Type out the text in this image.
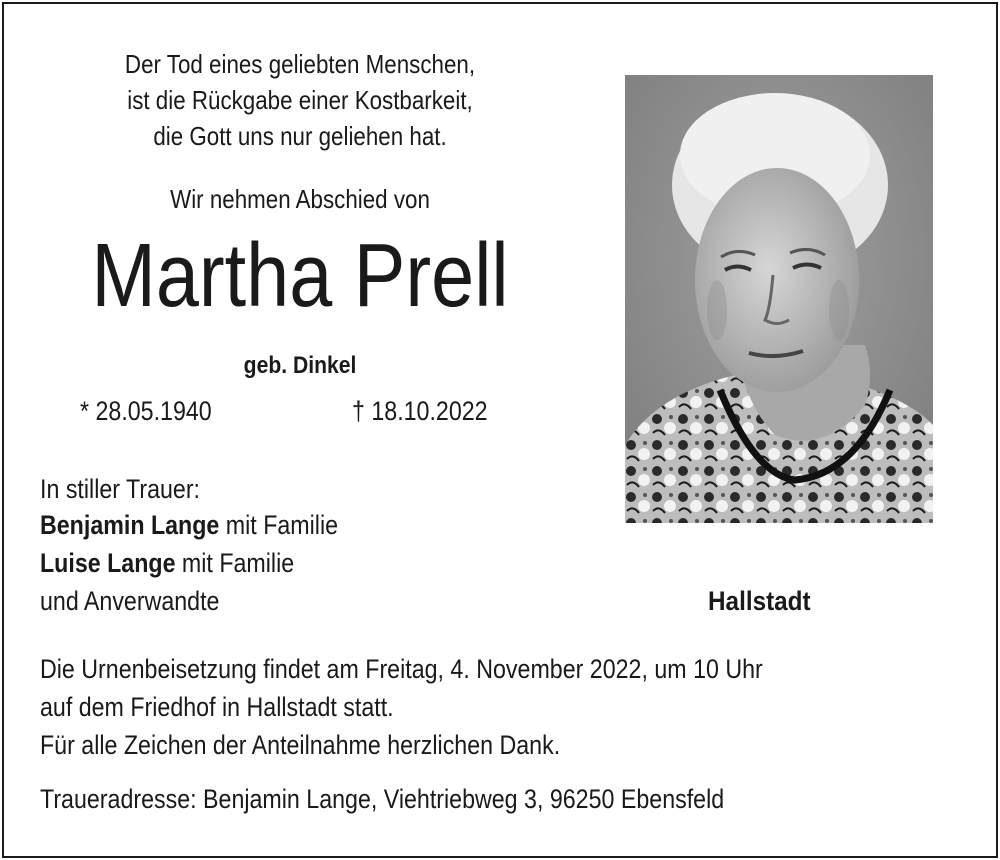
Der Tod eines geliebten Menschen,
ist die Rückgabe einer Kostbarkeit,
die Gott uns nur geliehen hat.
Wir nehmen Abschied von
Martha Prell
geb. Dinkel
* 28.05.1940	† 18.10.2022
In stiller Trauer:
Benjamin Lange mit Familie
Luise Lange mit Familie
und Anverwandte	Hallstadt
Die Urnenbeisetzung findet am Freitag, 4. November 2022, um 10 Uhr
auf dem Friedhof in Hallstadt statt.
Für alle Zeichen der Anteilnahme herzlichen Dank.
Traueradresse: Benjamin Lange, Viehtriebweg 3, 96250 Ebensfeld
